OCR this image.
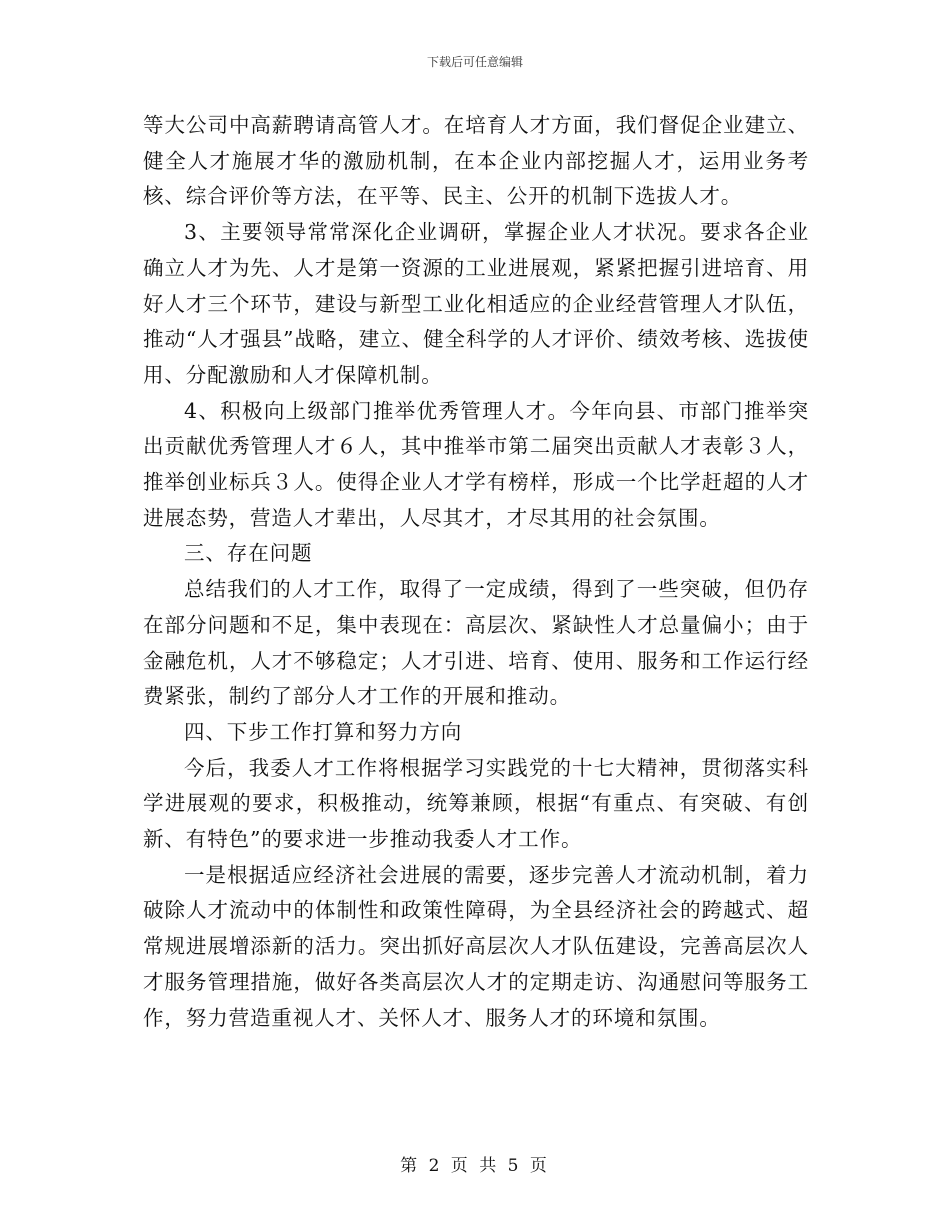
下载后可任意编辑

等大公司中高薪聘请高管人才。在培育人才方面，我们督促企业建立、健全人才施展才华的激励机制，在本企业内部挖掘人才，运用业务考核、综合评价等方法，在平等、民主、公开的机制下选拔人才。

3、主要领导常常深化企业调研，掌握企业人才状况。要求各企业确立人才为先、人才是第一资源的工业进展观，紧紧把握引进培育、用好人才三个环节，建设与新型工业化相适应的企业经营管理人才队伍，推动“人才强县”战略，建立、健全科学的人才评价、绩效考核、选拔使用、分配激励和人才保障机制。

4、积极向上级部门推举优秀管理人才。今年向县、市部门推举突出贡献优秀管理人才６人，其中推举市第二届突出贡献人才表彰３人，推举创业标兵３人。使得企业人才学有榜样，形成一个比学赶超的人才进展态势，营造人才辈出，人尽其才，才尽其用的社会氛围。

三、存在问题

总结我们的人才工作，取得了一定成绩，得到了一些突破，但仍存在部分问题和不足，集中表现在：高层次、紧缺性人才总量偏小；由于金融危机，人才不够稳定；人才引进、培育、使用、服务和工作运行经费紧张，制约了部分人才工作的开展和推动。

四、下步工作打算和努力方向

今后，我委人才工作将根据学习实践党的十七大精神，贯彻落实科学进展观的要求，积极推动，统筹兼顾，根据“有重点、有突破、有创新、有特色”的要求进一步推动我委人才工作。

一是根据适应经济社会进展的需要，逐步完善人才流动机制，着力破除人才流动中的体制性和政策性障碍，为全县经济社会的跨越式、超常规进展增添新的活力。突出抓好高层次人才队伍建设，完善高层次人才服务管理措施，做好各类高层次人才的定期走访、沟通慰问等服务工作，努力营造重视人才、关怀人才、服务人才的环境和氛围。

第 2 页 共 5 页
